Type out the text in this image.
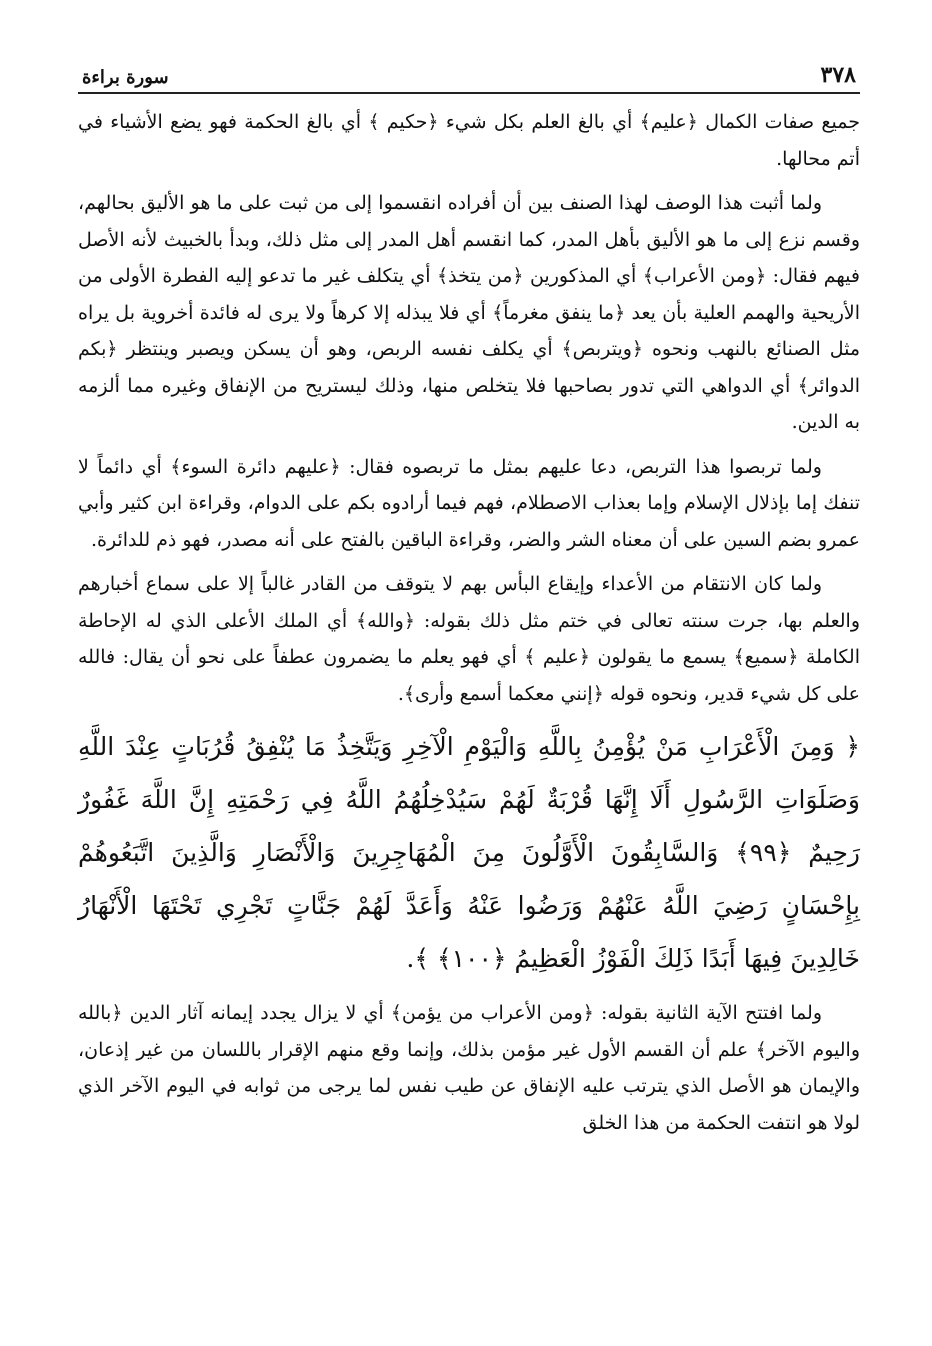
سورة براءة	٣٧٨

جميع صفات الكمال ﴿عليم﴾ أي بالغ العلم بكل شيء ﴿حكيم ﴾ أي بالغ الحكمة فهو يضع الأشياء في أتم محالها.

ولما أثبت هذا الوصف لهذا الصنف بين أن أفراده انقسموا إلى من ثبت على ما هو الأليق بحالهم، وقسم نزع إلى ما هو الأليق بأهل المدر، كما انقسم أهل المدر إلى مثل ذلك، وبدأ بالخبيث لأنه الأصل فيهم فقال: ﴿ومن الأعراب﴾ أي المذكورين ﴿من يتخذ﴾ أي يتكلف غير ما تدعو إليه الفطرة الأولى من الأريحية والهمم العلية بأن يعد ﴿ما ينفق مغرماً﴾ أي فلا يبذله إلا كرهاً ولا يرى له فائدة أخروية بل يراه مثل الصنائع بالنهب ونحوه ﴿ويتربص﴾ أي يكلف نفسه الربص، وهو أن يسكن ويصبر وينتظر ﴿بكم الدوائر﴾ أي الدواهي التي تدور بصاحبها فلا يتخلص منها، وذلك ليستريح من الإنفاق وغيره مما ألزمه به الدين.

ولما تربصوا هذا التربص، دعا عليهم بمثل ما تربصوه فقال: ﴿عليهم دائرة السوء﴾ أي دائماً لا تنفك إما بإذلال الإسلام وإما بعذاب الاصطلام، فهم فيما أرادوه بكم على الدوام، وقراءة ابن كثير وأبي عمرو بضم السين على أن معناه الشر والضر، وقراءة الباقين بالفتح على أنه مصدر، فهو ذم للدائرة.

ولما كان الانتقام من الأعداء وإيقاع البأس بهم لا يتوقف من القادر غالباً إلا على سماع أخبارهم والعلم بها، جرت سنته تعالى في ختم مثل ذلك بقوله: ﴿والله﴾ أي الملك الأعلى الذي له الإحاطة الكاملة ﴿سميع﴾ يسمع ما يقولون ﴿عليم ﴾ أي فهو يعلم ما يضمرون عطفاً على نحو أن يقال: فالله على كل شيء قدير، ونحوه قوله ﴿إنني معكما أسمع وأرى﴾.

﴿ وَمِنَ الْأَعْرَابِ مَنْ يُؤْمِنُ بِاللَّهِ وَالْيَوْمِ الْآخِرِ وَيَتَّخِذُ مَا يُنْفِقُ قُرُبَاتٍ عِنْدَ اللَّهِ وَصَلَوَاتِ الرَّسُولِ أَلَا إِنَّهَا قُرْبَةٌ لَهُمْ سَيُدْخِلُهُمُ اللَّهُ فِي رَحْمَتِهِ إِنَّ اللَّهَ غَفُورٌ رَحِيمٌ ﴿٩٩﴾ وَالسَّابِقُونَ الْأَوَّلُونَ مِنَ الْمُهَاجِرِينَ وَالْأَنْصَارِ وَالَّذِينَ اتَّبَعُوهُمْ بِإِحْسَانٍ رَضِيَ اللَّهُ عَنْهُمْ وَرَضُوا عَنْهُ وَأَعَدَّ لَهُمْ جَنَّاتٍ تَجْرِي تَحْتَهَا الْأَنْهَارُ خَالِدِينَ فِيهَا أَبَدًا ذَلِكَ الْفَوْزُ الْعَظِيمُ ﴿١٠٠﴾ ﴾.

ولما افتتح الآية الثانية بقوله: ﴿ومن الأعراب من يؤمن﴾ أي لا يزال يجدد إيمانه آثار الدين ﴿بالله واليوم الآخر﴾ علم أن القسم الأول غير مؤمن بذلك، وإنما وقع منهم الإقرار باللسان من غير إذعان، والإيمان هو الأصل الذي يترتب عليه الإنفاق عن طيب نفس لما يرجى من ثوابه في اليوم الآخر الذي لولا هو انتفت الحكمة من هذا الخلق
